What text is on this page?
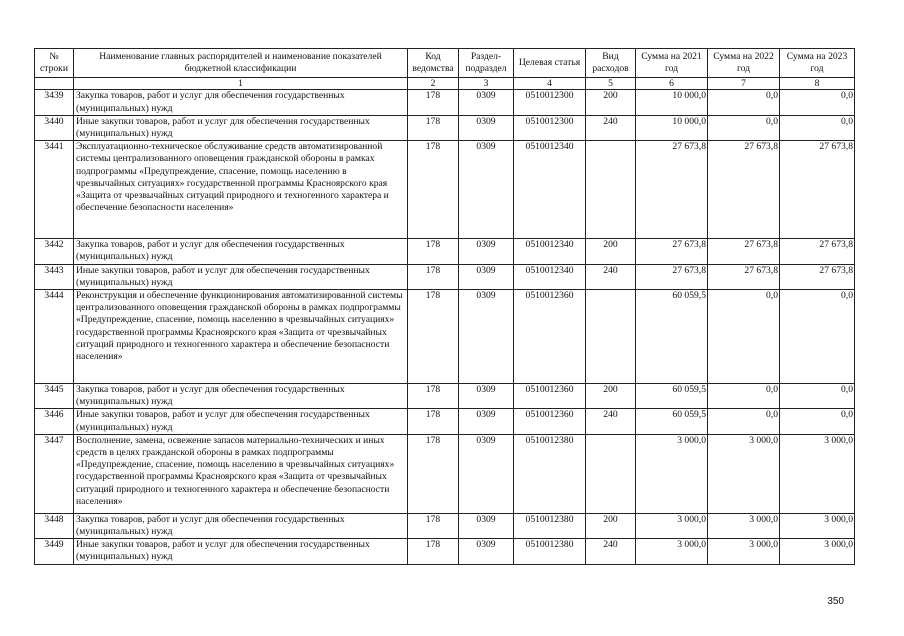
№ строки	Наименование главных распорядителей и наименование показателей бюджетной классификации	Код ведомства	Раздел-подраздел	Целевая статья	Вид расходов	Сумма на 2021 год	Сумма на 2022 год	Сумма на 2023 год
	1	2	3	4	5	6	7	8
3439	Закупка товаров, работ и услуг для обеспечения государственных (муниципальных) нужд	178	0309	0510012300	200	10 000,0	0,0	0,0
3440	Иные закупки товаров, работ и услуг для обеспечения государственных (муниципальных) нужд	178	0309	0510012300	240	10 000,0	0,0	0,0
3441	Эксплуатационно-техническое обслуживание средств автоматизированной системы централизованного оповещения гражданской обороны в рамках подпрограммы «Предупреждение, спасение, помощь населению в чрезвычайных ситуациях» государственной программы Красноярского края «Защита от чрезвычайных ситуаций природного и техногенного характера и обеспечение безопасности населения»	178	0309	0510012340		27 673,8	27 673,8	27 673,8
3442	Закупка товаров, работ и услуг для обеспечения государственных (муниципальных) нужд	178	0309	0510012340	200	27 673,8	27 673,8	27 673,8
3443	Иные закупки товаров, работ и услуг для обеспечения государственных (муниципальных) нужд	178	0309	0510012340	240	27 673,8	27 673,8	27 673,8
3444	Реконструкция и обеспечение функционирования автоматизированной системы централизованного оповещения гражданской обороны в рамках подпрограммы «Предупреждение, спасение, помощь населению в чрезвычайных ситуациях» государственной программы Красноярского края «Защита от чрезвычайных ситуаций природного и техногенного характера и обеспечение безопасности населения»	178	0309	0510012360		60 059,5	0,0	0,0
3445	Закупка товаров, работ и услуг для обеспечения государственных (муниципальных) нужд	178	0309	0510012360	200	60 059,5	0,0	0,0
3446	Иные закупки товаров, работ и услуг для обеспечения государственных (муниципальных) нужд	178	0309	0510012360	240	60 059,5	0,0	0,0
3447	Восполнение, замена, освежение запасов материально-технических и иных средств в целях гражданской обороны в рамках подпрограммы «Предупреждение, спасение, помощь населению в чрезвычайных ситуациях» государственной программы Красноярского края «Защита от чрезвычайных ситуаций природного и техногенного характера и обеспечение безопасности населения»	178	0309	0510012380		3 000,0	3 000,0	3 000,0
3448	Закупка товаров, работ и услуг для обеспечения государственных (муниципальных) нужд	178	0309	0510012380	200	3 000,0	3 000,0	3 000,0
3449	Иные закупки товаров, работ и услуг для обеспечения государственных (муниципальных) нужд	178	0309	0510012380	240	3 000,0	3 000,0	3 000,0
350
